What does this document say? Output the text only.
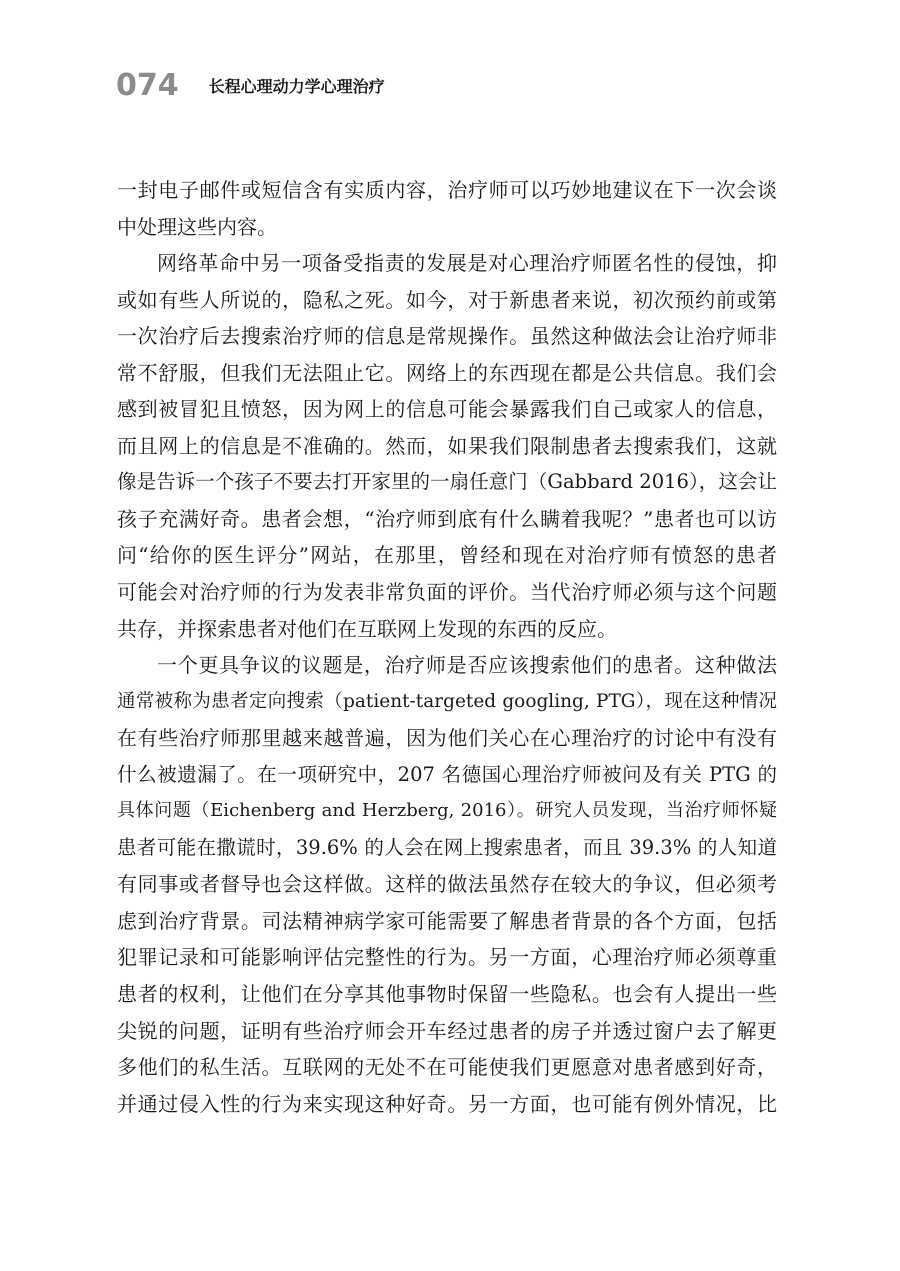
074 长程心理动力学心理治疗
一封电子邮件或短信含有实质内容，治疗师可以巧妙地建议在下一次会谈
中处理这些内容。
网络革命中另一项备受指责的发展是对心理治疗师匿名性的侵蚀，抑
或如有些人所说的，隐私之死。如今，对于新患者来说，初次预约前或第
一次治疗后去搜索治疗师的信息是常规操作。虽然这种做法会让治疗师非
常不舒服，但我们无法阻止它。网络上的东西现在都是公共信息。我们会
感到被冒犯且愤怒，因为网上的信息可能会暴露我们自己或家人的信息，
而且网上的信息是不准确的。然而，如果我们限制患者去搜索我们，这就
像是告诉一个孩子不要去打开家里的一扇任意门（Gabbard 2016），这会让
孩子充满好奇。患者会想，“治疗师到底有什么瞒着我呢？”患者也可以访
问“给你的医生评分”网站，在那里，曾经和现在对治疗师有愤怒的患者
可能会对治疗师的行为发表非常负面的评价。当代治疗师必须与这个问题
共存，并探索患者对他们在互联网上发现的东西的反应。
一个更具争议的议题是，治疗师是否应该搜索他们的患者。这种做法
通常被称为患者定向搜索（patient-targeted googling, PTG），现在这种情况
在有些治疗师那里越来越普遍，因为他们关心在心理治疗的讨论中有没有
什么被遗漏了。在一项研究中，207 名德国心理治疗师被问及有关 PTG 的
具体问题（Eichenberg and Herzberg, 2016）。研究人员发现，当治疗师怀疑
患者可能在撒谎时，39.6% 的人会在网上搜索患者，而且 39.3% 的人知道
有同事或者督导也会这样做。这样的做法虽然存在较大的争议，但必须考
虑到治疗背景。司法精神病学家可能需要了解患者背景的各个方面，包括
犯罪记录和可能影响评估完整性的行为。另一方面，心理治疗师必须尊重
患者的权利，让他们在分享其他事物时保留一些隐私。也会有人提出一些
尖锐的问题，证明有些治疗师会开车经过患者的房子并透过窗户去了解更
多他们的私生活。互联网的无处不在可能使我们更愿意对患者感到好奇，
并通过侵入性的行为来实现这种好奇。另一方面，也可能有例外情况，比
